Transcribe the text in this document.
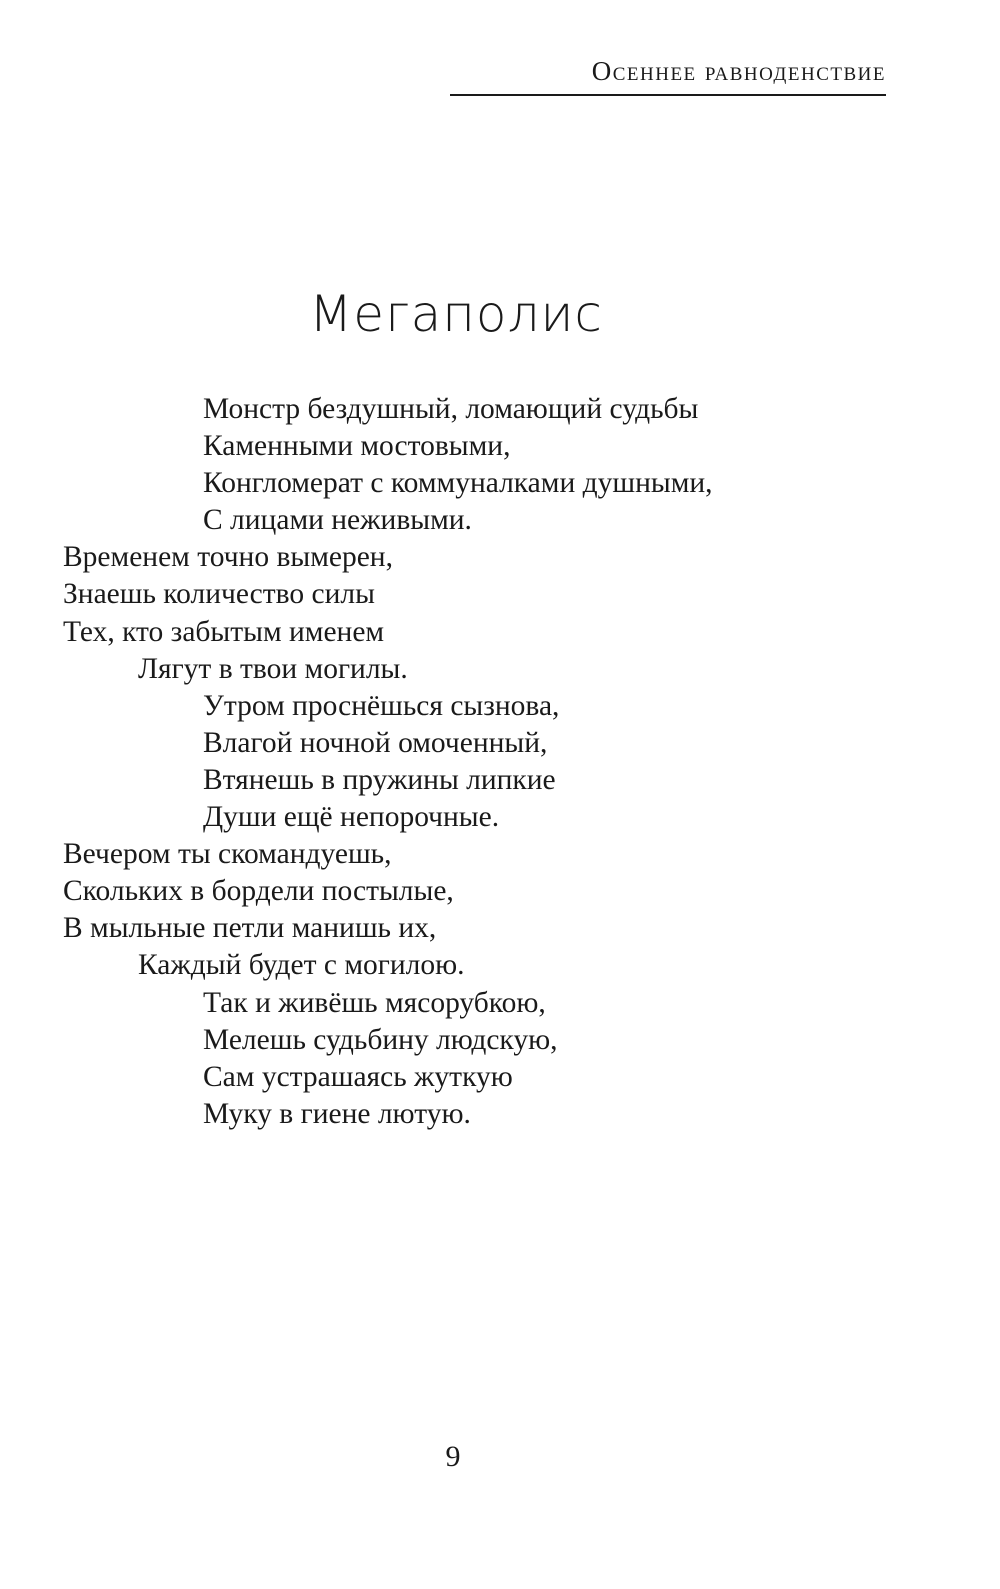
Осеннее равноденствие
Мегаполис
Монстр бездушный, ломающий судьбы
Каменными мостовыми,
Конгломерат с коммуналками душными,
С лицами неживыми.
Временем точно вымерен,
Знаешь количество силы
Тех, кто забытым именем
Лягут в твои могилы.
Утром проснёшься сызнова,
Влагой ночной омоченный,
Втянешь в пружины липкие
Души ещё непорочные.
Вечером ты скомандуешь,
Скольких в бордели постылые,
В мыльные петли манишь их,
Каждый будет с могилою.
Так и живёшь мясорубкою,
Мелешь судьбину людскую,
Сам устрашаясь жуткую
Муку в гиене лютую.
9
